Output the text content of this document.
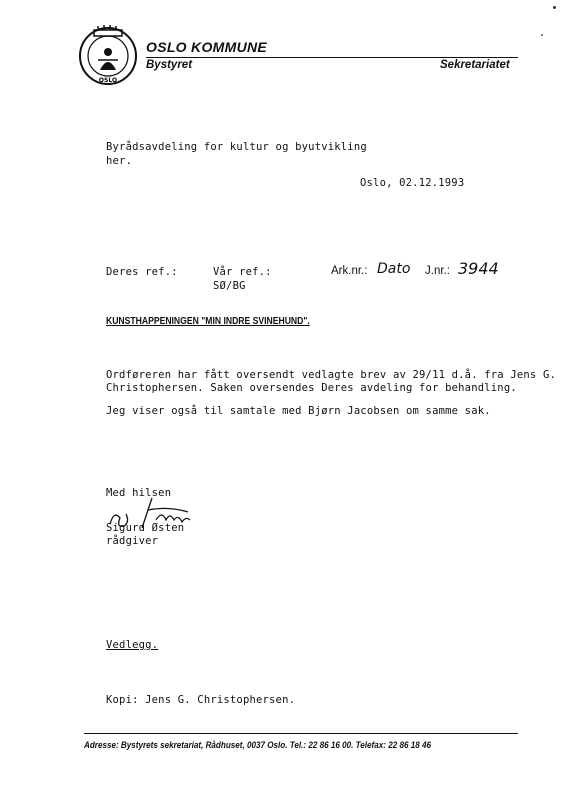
OSLO
OSLO KOMMUNE
Bystyret	Sekretariatet
Byrådsavdeling for kultur og byutvikling
her.
Oslo, 02.12.1993
Deres ref.:	Vår ref.:
SØ/BG
Ark.nr.: Dato J.nr.: 3944
KUNSTHAPPENINGEN "MIN INDRE SVINEHUND".
Ordføreren har fått oversendt vedlagte brev av 29/11 d.å. fra Jens G.
Christophersen. Saken oversendes Deres avdeling for behandling.
Jeg viser også til samtale med Bjørn Jacobsen om samme sak.
Med hilsen
Sigurd Østen
rådgiver
Vedlegg.
Kopi: Jens G. Christophersen.
Adresse: Bystyrets sekretariat, Rådhuset, 0037 Oslo. Tel.: 22 86 16 00. Telefax: 22 86 18 46
